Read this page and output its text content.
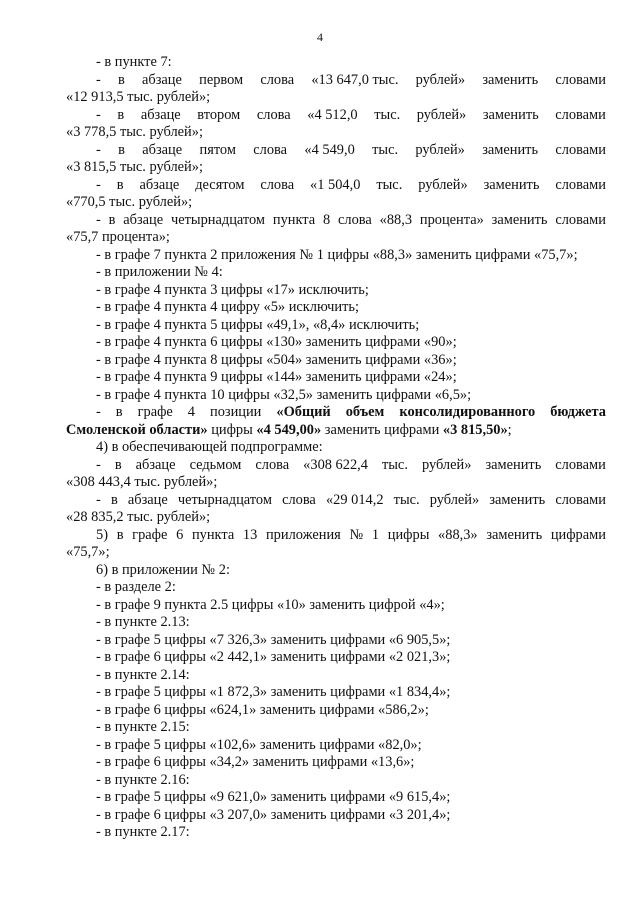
4
- в пункте 7:
- в абзаце первом слова «13 647,0 тыс. рублей» заменить словами
«12 913,5 тыс. рублей»;
- в абзаце втором слова «4 512,0 тыс. рублей» заменить словами
«3 778,5 тыс. рублей»;
- в абзаце пятом слова «4 549,0 тыс. рублей» заменить словами
«3 815,5 тыс. рублей»;
- в абзаце десятом слова «1 504,0 тыс. рублей» заменить словами
«770,5 тыс. рублей»;
- в абзаце четырнадцатом пункта 8 слова «88,3 процента» заменить словами
«75,7 процента»;
- в графе 7 пункта 2 приложения № 1 цифры «88,3» заменить цифрами «75,7»;
- в приложении № 4:
- в графе 4 пункта 3 цифры «17» исключить;
- в графе 4 пункта 4 цифру «5» исключить;
- в графе 4 пункта 5 цифры «49,1», «8,4» исключить;
- в графе 4 пункта 6 цифры «130» заменить цифрами «90»;
- в графе 4 пункта 8 цифры «504» заменить цифрами «36»;
- в графе 4 пункта 9 цифры «144» заменить цифрами «24»;
- в графе 4 пункта 10 цифры «32,5» заменить цифрами «6,5»;
- в графе 4 позиции «Общий объем консолидированного бюджета
Смоленской области» цифры «4 549,00» заменить цифрами «3 815,50»;
4) в обеспечивающей подпрограмме:
- в абзаце седьмом слова «308 622,4 тыс. рублей» заменить словами
«308 443,4 тыс. рублей»;
- в абзаце четырнадцатом слова «29 014,2 тыс. рублей» заменить словами
«28 835,2 тыс. рублей»;
5) в графе 6 пункта 13 приложения № 1 цифры «88,3» заменить цифрами
«75,7»;
6) в приложении № 2:
- в разделе 2:
- в графе 9 пункта 2.5 цифры «10» заменить цифрой «4»;
- в пункте 2.13:
- в графе 5 цифры «7 326,3» заменить цифрами «6 905,5»;
- в графе 6 цифры «2 442,1» заменить цифрами «2 021,3»;
- в пункте 2.14:
- в графе 5 цифры «1 872,3» заменить цифрами «1 834,4»;
- в графе 6 цифры «624,1» заменить цифрами «586,2»;
- в пункте 2.15:
- в графе 5 цифры «102,6» заменить цифрами «82,0»;
- в графе 6 цифры «34,2» заменить цифрами «13,6»;
- в пункте 2.16:
- в графе 5 цифры «9 621,0» заменить цифрами «9 615,4»;
- в графе 6 цифры «3 207,0» заменить цифрами «3 201,4»;
- в пункте 2.17:
